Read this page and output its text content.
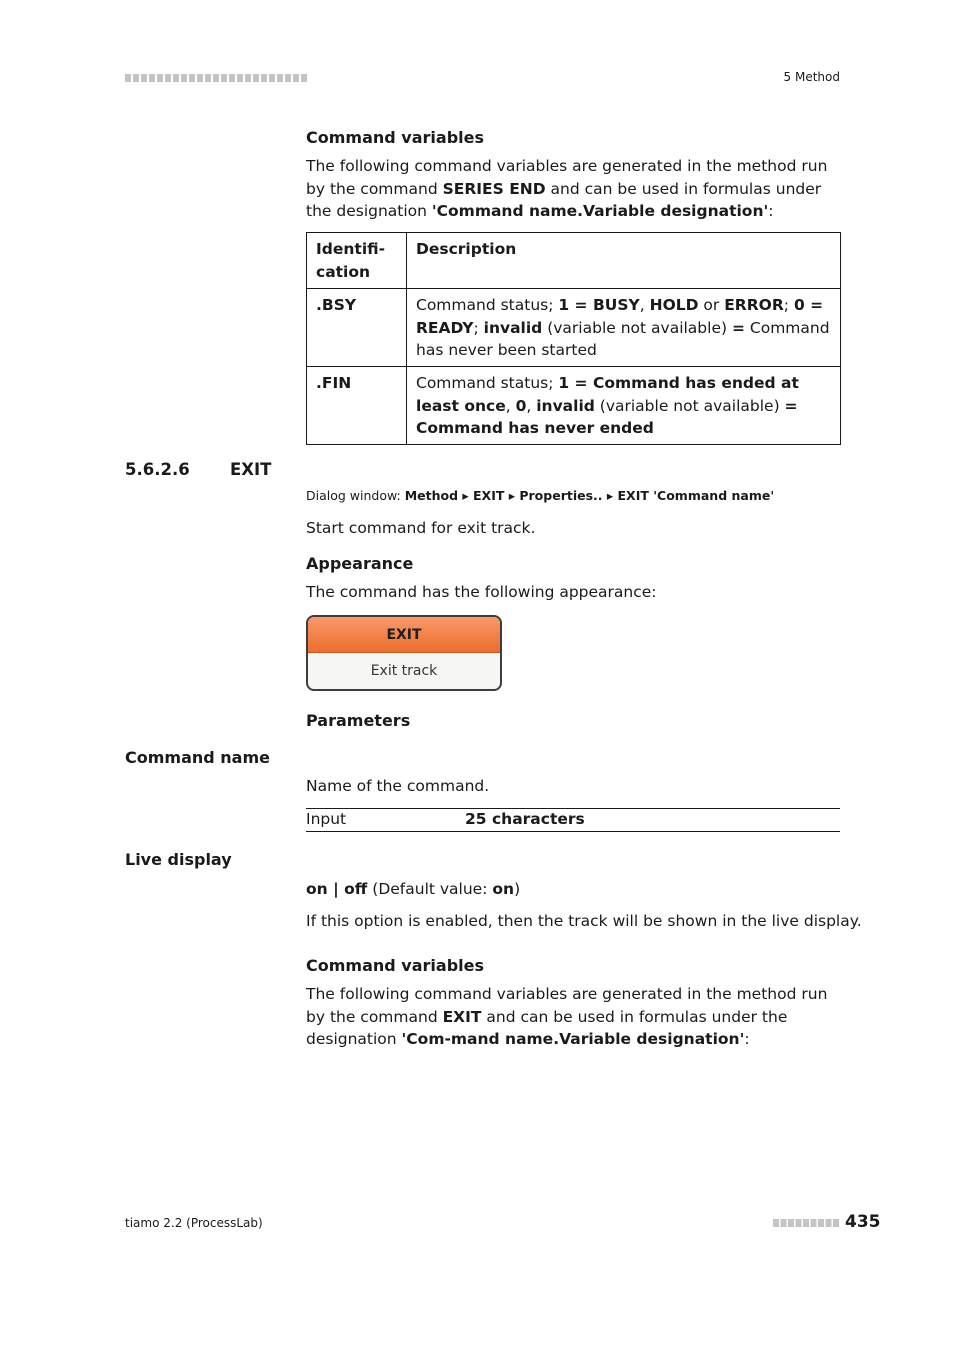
5 Method
Command variables
The following command variables are generated in the method run by the command SERIES END and can be used in formulas under the designation 'Command name.Variable designation':
Identifi-
cation	Description
.BSY	Command status; 1 = BUSY, HOLD or ERROR; 0 = READY; invalid (variable not available) = Command has never been started
.FIN	Command status; 1 = Command has ended at least once, 0, invalid (variable not available) = Command has never ended
5.6.2.6 EXIT
Dialog window: Method ▸ EXIT ▸ Properties.. ▸ EXIT 'Command name'
Start command for exit track.
Appearance
The command has the following appearance:
EXIT
Exit track
Parameters
Command name
Name of the command.
Input	25 characters
Live display
on | off (Default value: on)
If this option is enabled, then the track will be shown in the live display.
Command variables
The following command variables are generated in the method run by the command EXIT and can be used in formulas under the designation 'Com-mand name.Variable designation':
tiamo 2.2 (ProcessLab)	435
